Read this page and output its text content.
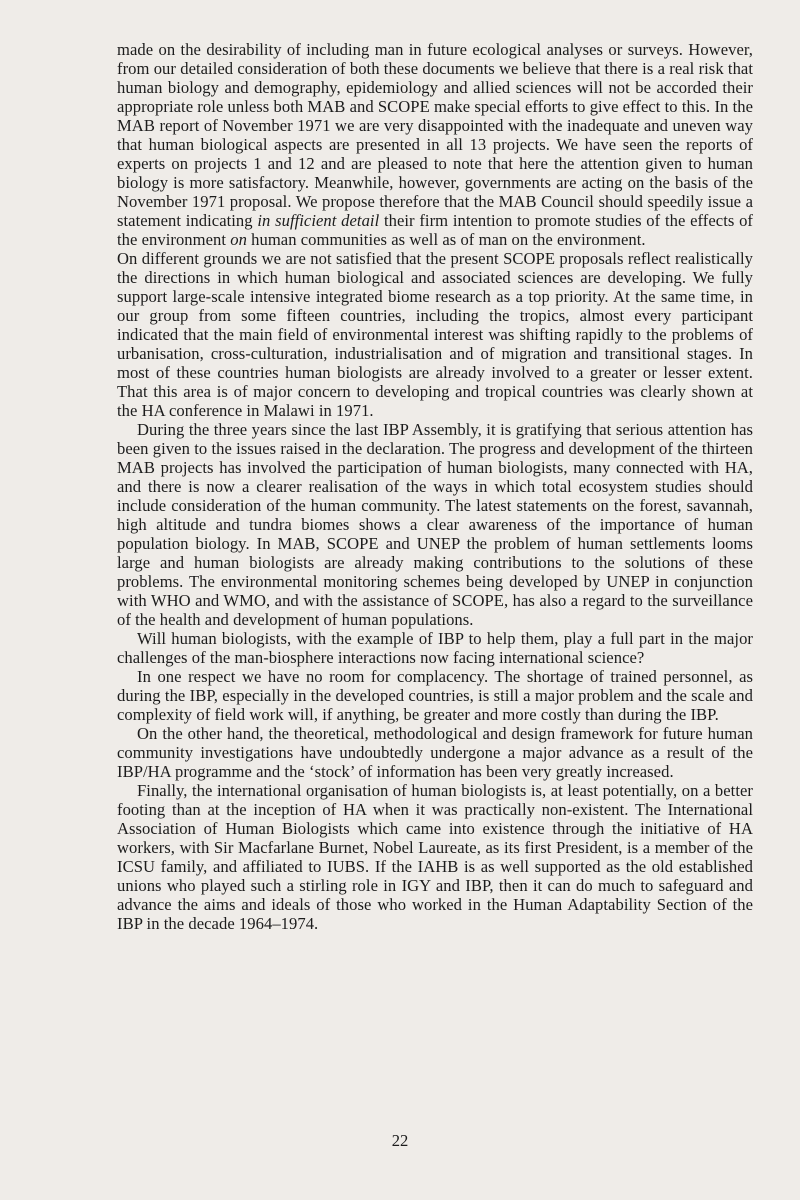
made on the desirability of including man in future ecological analyses or surveys. However, from our detailed consideration of both these documents we believe that there is a real risk that human biology and demography, epidemiology and allied sciences will not be accorded their appropriate role unless both MAB and SCOPE make special efforts to give effect to this. In the MAB report of November 1971 we are very disappointed with the inadequate and uneven way that human biological aspects are presented in all 13 projects. We have seen the reports of experts on projects 1 and 12 and are pleased to note that here the attention given to human biology is more satisfactory. Meanwhile, however, governments are acting on the basis of the November 1971 proposal. We propose therefore that the MAB Council should speedily issue a statement indicating in sufficient detail their firm intention to promote studies of the effects of the environment on human communities as well as of man on the environment.

On different grounds we are not satisfied that the present SCOPE proposals reflect realistically the directions in which human biological and associated sciences are developing. We fully support large-scale intensive integrated biome research as a top priority. At the same time, in our group from some fifteen countries, including the tropics, almost every participant indicated that the main field of environmental interest was shifting rapidly to the problems of urbanisation, cross-culturation, industrialisation and of migration and transitional stages. In most of these countries human biologists are already involved to a greater or lesser extent. That this area is of major concern to developing and tropical countries was clearly shown at the HA conference in Malawi in 1971.

During the three years since the last IBP Assembly, it is gratifying that serious attention has been given to the issues raised in the declaration. The progress and development of the thirteen MAB projects has involved the participation of human biologists, many connected with HA, and there is now a clearer realisation of the ways in which total ecosystem studies should include consideration of the human community. The latest statements on the forest, savannah, high altitude and tundra biomes shows a clear awareness of the importance of human population biology. In MAB, SCOPE and UNEP the problem of human settlements looms large and human biologists are already making contributions to the solutions of these problems. The environmental monitoring schemes being developed by UNEP in conjunction with WHO and WMO, and with the assistance of SCOPE, has also a regard to the surveillance of the health and development of human populations.

Will human biologists, with the example of IBP to help them, play a full part in the major challenges of the man-biosphere interactions now facing international science?

In one respect we have no room for complacency. The shortage of trained personnel, as during the IBP, especially in the developed countries, is still a major problem and the scale and complexity of field work will, if anything, be greater and more costly than during the IBP.

On the other hand, the theoretical, methodological and design framework for future human community investigations have undoubtedly undergone a major advance as a result of the IBP/HA programme and the ‘stock’ of information has been very greatly increased.

Finally, the international organisation of human biologists is, at least potentially, on a better footing than at the inception of HA when it was practically non-existent. The International Association of Human Biologists which came into existence through the initiative of HA workers, with Sir Macfarlane Burnet, Nobel Laureate, as its first President, is a member of the ICSU family, and affiliated to IUBS. If the IAHB is as well supported as the old established unions who played such a stirling role in IGY and IBP, then it can do much to safeguard and advance the aims and ideals of those who worked in the Human Adaptability Section of the IBP in the decade 1964–1974.

22
